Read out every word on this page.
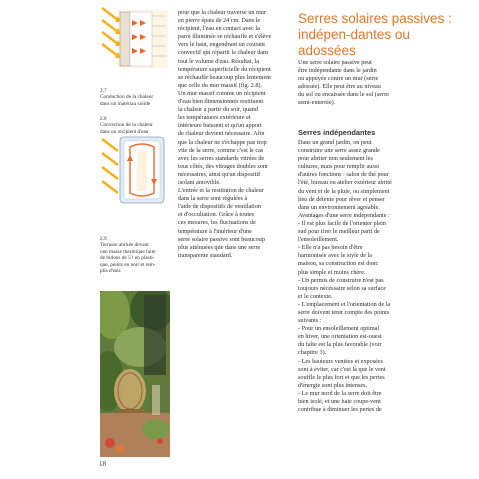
2.7
Conduction de la chaleur
dans un matériau solide
2.8
Convection de la chaleur
dans un récipient d'eau
2.9
Terrasse abritée devant
une masse thermique faite
de bidons de 5 l en plasti-
que, peints en noir et rem-
plis d'eau.

pour que la chaleur traverse un mur

en pierre épais de 24 cm. Dans le

récipient, l'eau en contact avec la

paroi illuminée se réchauffe et s'élève

vers le haut, engendrant un courant

convectif qui répartit la chaleur dans

tout le volume d'eau. Résultat, la

température superficielle du récipient

se réchauffe beaucoup plus lentement

que celle du mur massif (fig. 2.8).

Un mur massif comme un récipient

d'eau bien dimensionnés restituent

la chaleur à partir du soir, quand

les températures extérieure et

intérieure baissent et qu'un apport

de chaleur devient nécessaire. Afin

que la chaleur ne s'échappe pas trop

vite de la serre, comme c'est le cas

avec les serres standards vitrées de

tous côtés, des vitrages doubles sont

nécessaires, ainsi qu'un dispositif

isolant amovible.

L'entrée et la restitution de chaleur

dans la serre sont régulées à

l'aide de dispositifs de ventilation

et d'occultation. Grâce à toutes

ces mesures, les fluctuations de

température à l'intérieur d'une

serre solaire passive sont beaucoup

plus atténuées que dans une serre

transparente standard.

Serres solaires passives : indépen-dantes ou adossées

Une serre solaire passive peut

être indépendante dans le jardin

ou appuyée contre un mur (serre

adossée). Elle peut être au niveau

du sol ou encaissée dans le sol (serre

semi-enterrée).

Serres indépendantes

Dans un grand jardin, on peut

construire une serre assez grande

pour abriter non seulement les

cultures, mais pour remplir aussi

d'autres fonctions : salon de thé pour

l'été, bureau ou atelier extérieur abrité

du vent et de la pluie, ou simplement

lieu de détente pour rêver et penser

dans un environnement agréable.

Avantages d'une serre indépendante :

- Il est plus facile de l'orienter plein

sud pour tirer le meilleur parti de

l'ensoleillement.

- Elle n'a pas besoin d'être

harmonisée avec le style de la

maison, sa construction est donc

plus simple et moins chère.

- Un permis de construire n'est pas

toujours nécessaire selon sa surface

et le contexte.

- L'emplacement et l'orientation de la

serre doivent tenir compte des points

suivants :

- Pour un ensoleillement optimal

en hiver, une orientation est-ouest

du faîte est la plus favorable (voir

chapitre 3).

- Les hauteurs ventées et exposées

sont à éviter, car c'est là que le vent

souffle le plus fort et que les pertes

d'énergie sont plus intenses.

- Le mur nord de la serre doit être

bien isolé, et une haie coupe-vent

contribue à diminuer les pertes de

18
